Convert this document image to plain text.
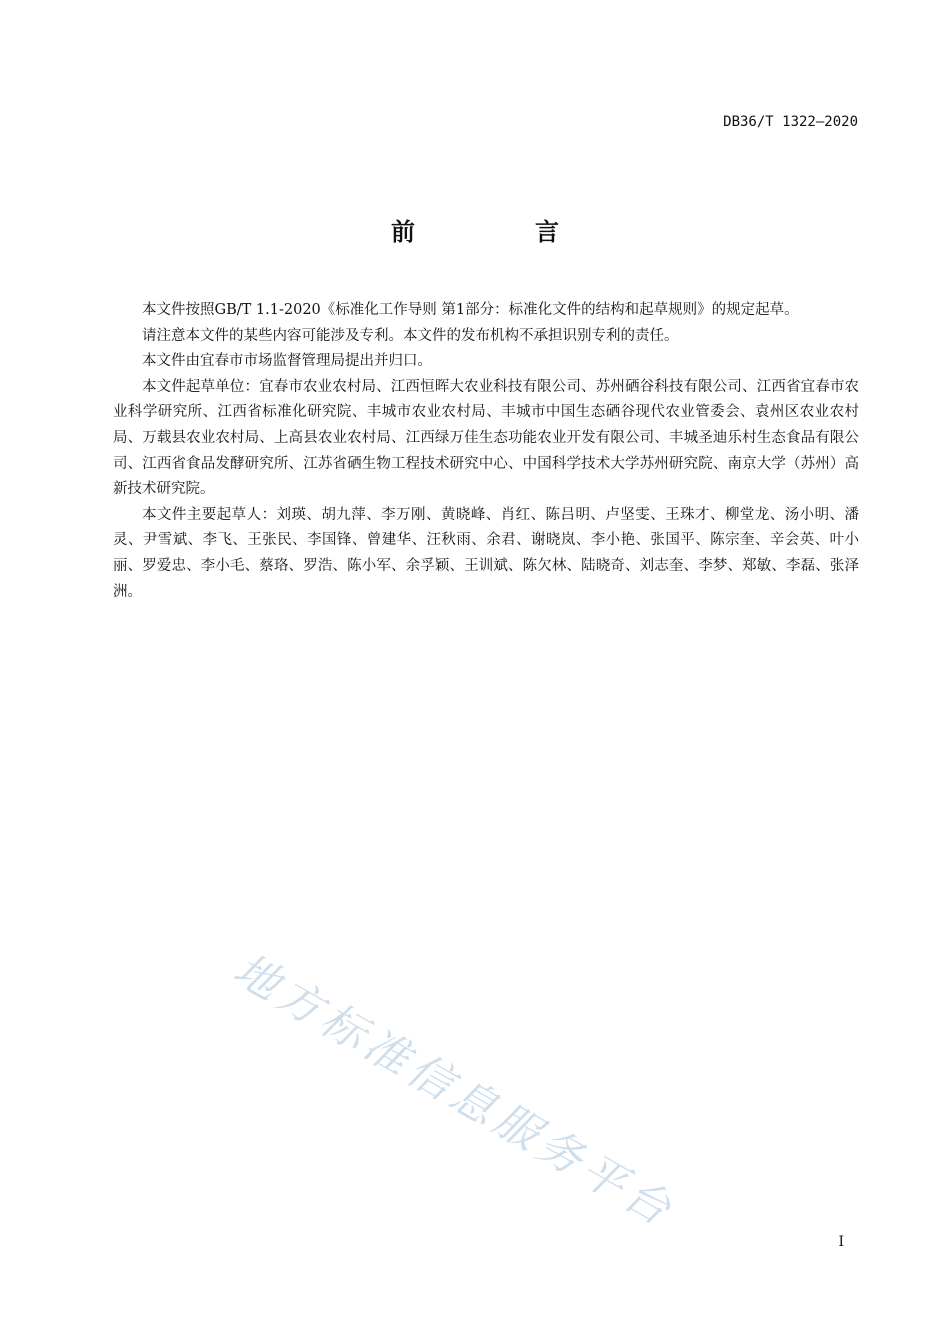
DB36/T 1322—2020
前　言

本文件按照GB/T 1.1-2020《标准化工作导则 第1部分：标准化文件的结构和起草规则》的规定起草。

请注意本文件的某些内容可能涉及专利。本文件的发布机构不承担识别专利的责任。

本文件由宜春市市场监督管理局提出并归口。

本文件起草单位：宜春市农业农村局、江西恒晖大农业科技有限公司、苏州硒谷科技有限公司、江西省宜春市农业科学研究所、江西省标准化研究院、丰城市农业农村局、丰城市中国生态硒谷现代农业管委会、袁州区农业农村局、万载县农业农村局、上高县农业农村局、江西绿万佳生态功能农业开发有限公司、丰城圣迪乐村生态食品有限公司、江西省食品发酵研究所、江苏省硒生物工程技术研究中心、中国科学技术大学苏州研究院、南京大学（苏州）高新技术研究院。

本文件主要起草人：刘瑛、胡九萍、李万刚、黄晓峰、肖红、陈吕明、卢坚雯、王珠才、柳堂龙、汤小明、潘灵、尹雪斌、李飞、王张民、李国锋、曾建华、汪秋雨、余君、谢晓岚、李小艳、张国平、陈宗奎、辛会英、叶小丽、罗爱忠、李小毛、蔡珞、罗浩、陈小军、余孚颖、王训斌、陈欠林、陆晓奇、刘志奎、李梦、郑敏、李磊、张泽洲。

地方标准信息服务平台
I
